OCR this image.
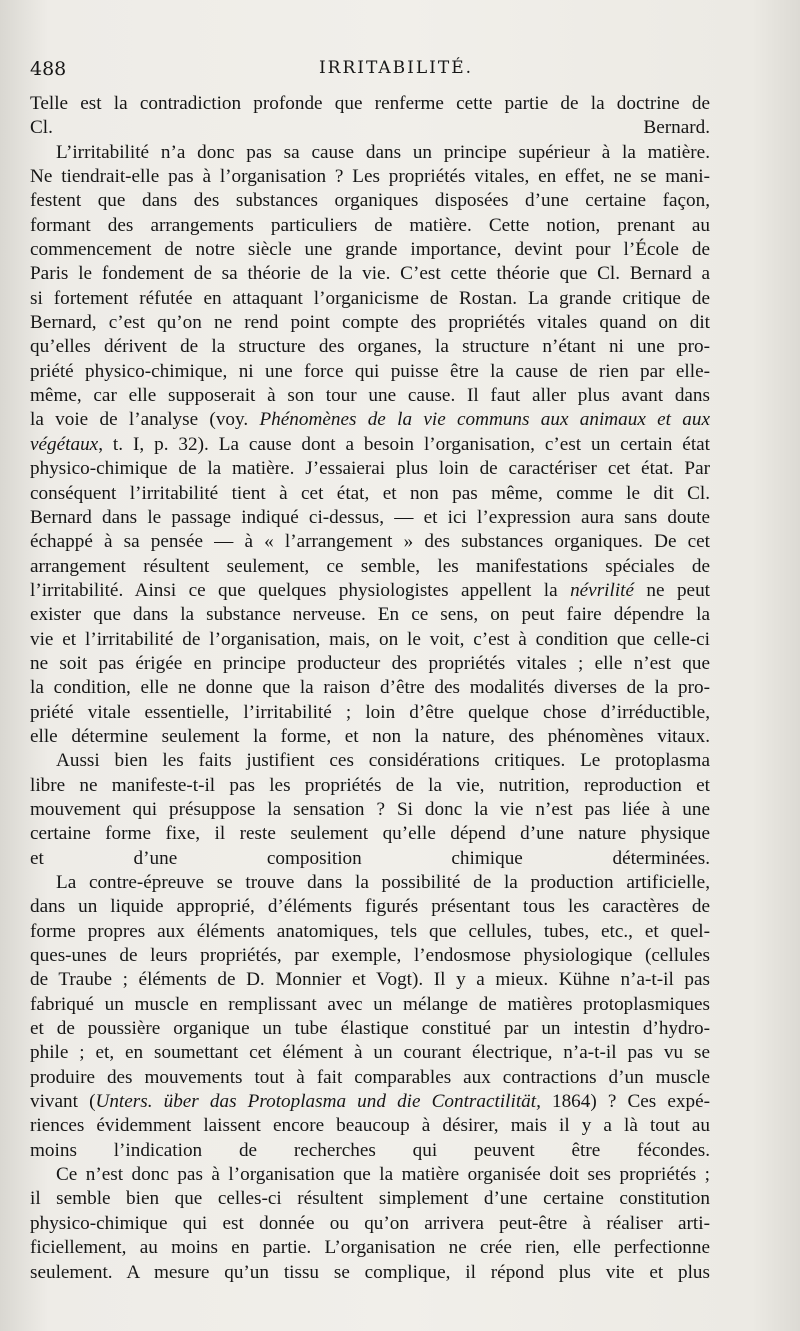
488	IRRITABILITÉ.
Telle est la contradiction profonde que renferme cette partie de la doctrine de
Cl. Bernard.
L’irritabilité n’a donc pas sa cause dans un principe supérieur à la matière.
Ne tiendrait-elle pas à l’organisation ? Les propriétés vitales, en effet, ne se mani-
festent que dans des substances organiques disposées d’une certaine façon,
formant des arrangements particuliers de matière. Cette notion, prenant au
commencement de notre siècle une grande importance, devint pour l’École de
Paris le fondement de sa théorie de la vie. C’est cette théorie que Cl. Bernard a
si fortement réfutée en attaquant l’organicisme de Rostan. La grande critique de
Bernard, c’est qu’on ne rend point compte des propriétés vitales quand on dit
qu’elles dérivent de la structure des organes, la structure n’étant ni une pro-
priété physico-chimique, ni une force qui puisse être la cause de rien par elle-
même, car elle supposerait à son tour une cause. Il faut aller plus avant dans
la voie de l’analyse (voy. Phénomènes de la vie communs aux animaux et aux
végétaux, t. I, p. 32). La cause dont a besoin l’organisation, c’est un certain état
physico-chimique de la matière. J’essaierai plus loin de caractériser cet état. Par
conséquent l’irritabilité tient à cet état, et non pas même, comme le dit Cl.
Bernard dans le passage indiqué ci-dessus, — et ici l’expression aura sans doute
échappé à sa pensée — à « l’arrangement » des substances organiques. De cet
arrangement résultent seulement, ce semble, les manifestations spéciales de
l’irritabilité. Ainsi ce que quelques physiologistes appellent la névrilité ne peut
exister que dans la substance nerveuse. En ce sens, on peut faire dépendre la
vie et l’irritabilité de l’organisation, mais, on le voit, c’est à condition que celle-ci
ne soit pas érigée en principe producteur des propriétés vitales ; elle n’est que
la condition, elle ne donne que la raison d’être des modalités diverses de la pro-
priété vitale essentielle, l’irritabilité ; loin d’être quelque chose d’irréductible,
elle détermine seulement la forme, et non la nature, des phénomènes vitaux.
Aussi bien les faits justifient ces considérations critiques. Le protoplasma
libre ne manifeste-t-il pas les propriétés de la vie, nutrition, reproduction et
mouvement qui présuppose la sensation ? Si donc la vie n’est pas liée à une
certaine forme fixe, il reste seulement qu’elle dépend d’une nature physique
et d’une composition chimique déterminées.
La contre-épreuve se trouve dans la possibilité de la production artificielle,
dans un liquide approprié, d’éléments figurés présentant tous les caractères de
forme propres aux éléments anatomiques, tels que cellules, tubes, etc., et quel-
ques-unes de leurs propriétés, par exemple, l’endosmose physiologique (cellules
de Traube ; éléments de D. Monnier et Vogt). Il y a mieux. Kühne n’a-t-il pas
fabriqué un muscle en remplissant avec un mélange de matières protoplasmiques
et de poussière organique un tube élastique constitué par un intestin d’hydro-
phile ; et, en soumettant cet élément à un courant électrique, n’a-t-il pas vu se
produire des mouvements tout à fait comparables aux contractions d’un muscle
vivant (Unters. über das Protoplasma und die Contractilität, 1864) ? Ces expé-
riences évidemment laissent encore beaucoup à désirer, mais il y a là tout au
moins l’indication de recherches qui peuvent être fécondes.
Ce n’est donc pas à l’organisation que la matière organisée doit ses propriétés ;
il semble bien que celles-ci résultent simplement d’une certaine constitution
physico-chimique qui est donnée ou qu’on arrivera peut-être à réaliser arti-
ficiellement, au moins en partie. L’organisation ne crée rien, elle perfectionne
seulement. A mesure qu’un tissu se complique, il répond plus vite et plus
